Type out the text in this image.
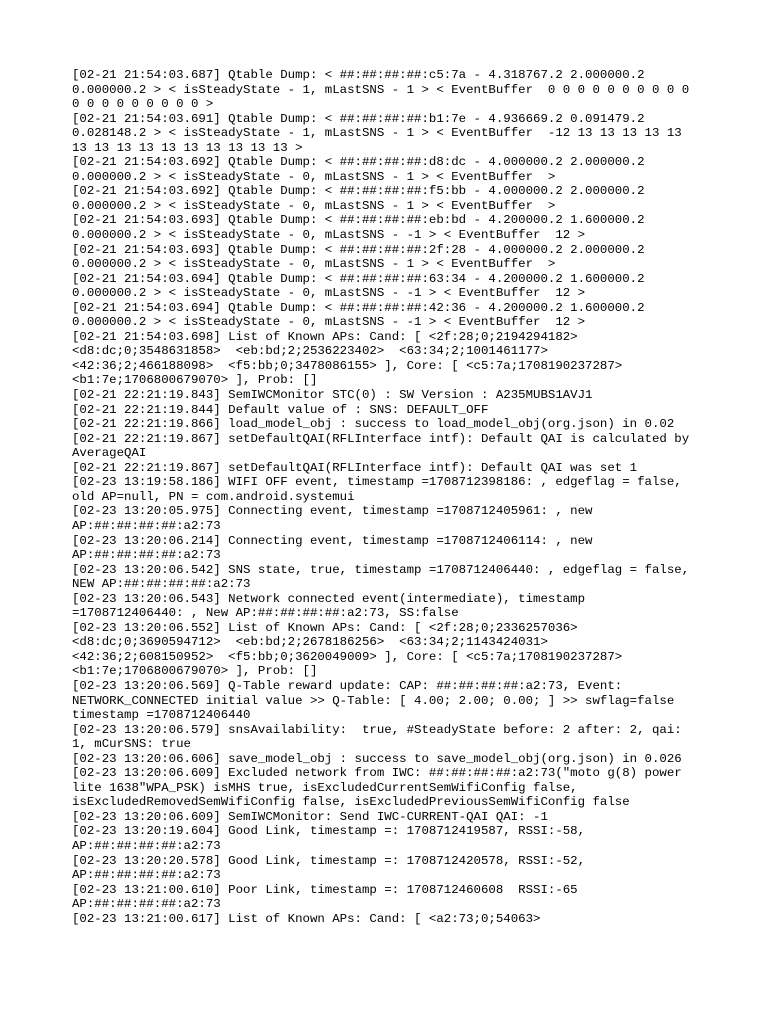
[02-21 21:54:03.687] Qtable Dump: < ##:##:##:##:c5:7a - 4.318767.2 2.000000.2
0.000000.2 > < isSteadyState - 1, mLastSNS - 1 > < EventBuffer  0 0 0 0 0 0 0 0 0 0
0 0 0 0 0 0 0 0 0 >
[02-21 21:54:03.691] Qtable Dump: < ##:##:##:##:b1:7e - 4.936669.2 0.091479.2
0.028148.2 > < isSteadyState - 1, mLastSNS - 1 > < EventBuffer  -12 13 13 13 13 13
13 13 13 13 13 13 13 13 13 13 >
[02-21 21:54:03.692] Qtable Dump: < ##:##:##:##:d8:dc - 4.000000.2 2.000000.2
0.000000.2 > < isSteadyState - 0, mLastSNS - 1 > < EventBuffer  >
[02-21 21:54:03.692] Qtable Dump: < ##:##:##:##:f5:bb - 4.000000.2 2.000000.2
0.000000.2 > < isSteadyState - 0, mLastSNS - 1 > < EventBuffer  >
[02-21 21:54:03.693] Qtable Dump: < ##:##:##:##:eb:bd - 4.200000.2 1.600000.2
0.000000.2 > < isSteadyState - 0, mLastSNS - -1 > < EventBuffer  12 >
[02-21 21:54:03.693] Qtable Dump: < ##:##:##:##:2f:28 - 4.000000.2 2.000000.2
0.000000.2 > < isSteadyState - 0, mLastSNS - 1 > < EventBuffer  >
[02-21 21:54:03.694] Qtable Dump: < ##:##:##:##:63:34 - 4.200000.2 1.600000.2
0.000000.2 > < isSteadyState - 0, mLastSNS - -1 > < EventBuffer  12 >
[02-21 21:54:03.694] Qtable Dump: < ##:##:##:##:42:36 - 4.200000.2 1.600000.2
0.000000.2 > < isSteadyState - 0, mLastSNS - -1 > < EventBuffer  12 >
[02-21 21:54:03.698] List of Known APs: Cand: [ <2f:28;0;2194294182>
<d8:dc;0;3548631858>  <eb:bd;2;2536223402>  <63:34;2;1001461177>
<42:36;2;466188098>  <f5:bb;0;3478086155> ], Core: [ <c5:7a;1708190237287>
<b1:7e;1706800679070> ], Prob: []
[02-21 22:21:19.843] SemIWCMonitor STC(0) : SW Version : A235MUBS1AVJ1
[02-21 22:21:19.844] Default value of : SNS: DEFAULT_OFF
[02-21 22:21:19.866] load_model_obj : success to load_model_obj(org.json) in 0.02
[02-21 22:21:19.867] setDefaultQAI(RFLInterface intf): Default QAI is calculated by
AverageQAI
[02-21 22:21:19.867] setDefaultQAI(RFLInterface intf): Default QAI was set 1
[02-23 13:19:58.186] WIFI OFF event, timestamp =1708712398186: , edgeflag = false,
old AP=null, PN = com.android.systemui
[02-23 13:20:05.975] Connecting event, timestamp =1708712405961: , new
AP:##:##:##:##:a2:73
[02-23 13:20:06.214] Connecting event, timestamp =1708712406114: , new
AP:##:##:##:##:a2:73
[02-23 13:20:06.542] SNS state, true, timestamp =1708712406440: , edgeflag = false,
NEW AP:##:##:##:##:a2:73
[02-23 13:20:06.543] Network connected event(intermediate), timestamp
=1708712406440: , New AP:##:##:##:##:a2:73, SS:false
[02-23 13:20:06.552] List of Known APs: Cand: [ <2f:28;0;2336257036>
<d8:dc;0;3690594712>  <eb:bd;2;2678186256>  <63:34;2;1143424031>
<42:36;2;608150952>  <f5:bb;0;3620049009> ], Core: [ <c5:7a;1708190237287>
<b1:7e;1706800679070> ], Prob: []
[02-23 13:20:06.569] Q-Table reward update: CAP: ##:##:##:##:a2:73, Event:
NETWORK_CONNECTED initial value >> Q-Table: [ 4.00; 2.00; 0.00; ] >> swflag=false
timestamp =1708712406440
[02-23 13:20:06.579] snsAvailability:  true, #SteadyState before: 2 after: 2, qai:
1, mCurSNS: true
[02-23 13:20:06.606] save_model_obj : success to save_model_obj(org.json) in 0.026
[02-23 13:20:06.609] Excluded network from IWC: ##:##:##:##:a2:73("moto g(8) power
lite 1638"WPA_PSK) isMHS true, isExcludedCurrentSemWifiConfig false,
isExcludedRemovedSemWifiConfig false, isExcludedPreviousSemWifiConfig false
[02-23 13:20:06.609] SemIWCMonitor: Send IWC-CURRENT-QAI QAI: -1
[02-23 13:20:19.604] Good Link, timestamp =: 1708712419587, RSSI:-58,
AP:##:##:##:##:a2:73
[02-23 13:20:20.578] Good Link, timestamp =: 1708712420578, RSSI:-52,
AP:##:##:##:##:a2:73
[02-23 13:21:00.610] Poor Link, timestamp =: 1708712460608  RSSI:-65
AP:##:##:##:##:a2:73
[02-23 13:21:00.617] List of Known APs: Cand: [ <a2:73;0;54063>
